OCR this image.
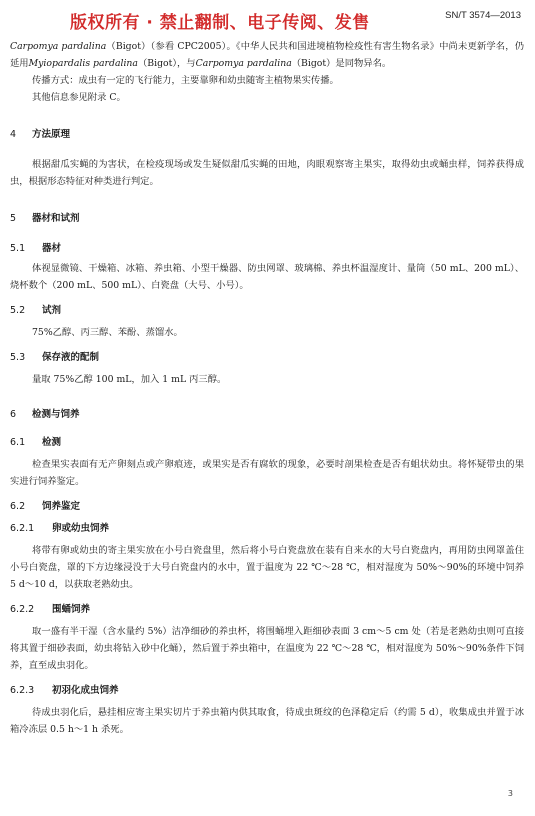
版权所有 · 禁止翻制、电子传阅、发售	SN/T 3574—2013

Carpomya pardalina（Bigot）（参看 CPC2005）。《中华人民共和国进境植物检疫性有害生物名录》中尚未更新学名，仍延用Myiopardalis pardalina（Bigot），与Carpomya pardalina（Bigot）是同物异名。

传播方式：成虫有一定的飞行能力，主要靠卵和幼虫随寄主植物果实传播。

其他信息参见附录 C。

4 方法原理

根据甜瓜实蝇的为害状，在检疫现场或发生疑似甜瓜实蝇的田地，肉眼观察寄主果实，取得幼虫或蛹虫样，饲养获得成虫，根据形态特征对种类进行判定。

5 器材和试剂

5.1 器材

体视显微镜、干燥箱、冰箱、养虫箱、小型干燥器、防虫网罩、玻璃棉、养虫杯温湿度计、量筒（50 mL、200 mL）、烧杯数个（200 mL、500 mL）、白瓷盘（大号、小号）。

5.2 试剂

75%乙醇、丙三醇、苯酚、蒸馏水。

5.3 保存液的配制

量取 75%乙醇 100 mL，加入 1 mL 丙三醇。

6 检测与饲养

6.1 检测

检查果实表面有无产卵刻点或产卵痕迹，或果实是否有腐软的现象，必要时剖果检查是否有蛆状幼虫。将怀疑带虫的果实进行饲养鉴定。

6.2 饲养鉴定

6.2.1 卵或幼虫饲养

将带有卵或幼虫的寄主果实放在小号白瓷盘里，然后将小号白瓷盘放在装有自来水的大号白瓷盘内，再用防虫网罩盖住小号白瓷盘，罩的下方边缘浸没于大号白瓷盘内的水中，置于温度为 22 ℃～28 ℃，相对湿度为 50%～90%的环境中饲养 5 d～10 d，以获取老熟幼虫。

6.2.2 围蛹饲养

取一盛有半干湿（含水量约 5%）洁净细砂的养虫杯，将围蛹埋入距细砂表面 3 cm～5 cm 处（若是老熟幼虫则可直接将其置于细砂表面，幼虫将钻入砂中化蛹），然后置于养虫箱中，在温度为 22 ℃～28 ℃，相对湿度为 50%～90%条件下饲养，直至成虫羽化。

6.2.3 初羽化成虫饲养

待成虫羽化后，悬挂相应寄主果实切片于养虫箱内供其取食，待成虫斑纹的色泽稳定后（约需 5 d），收集成虫并置于冰箱冷冻层 0.5 h～1 h 杀死。

3
